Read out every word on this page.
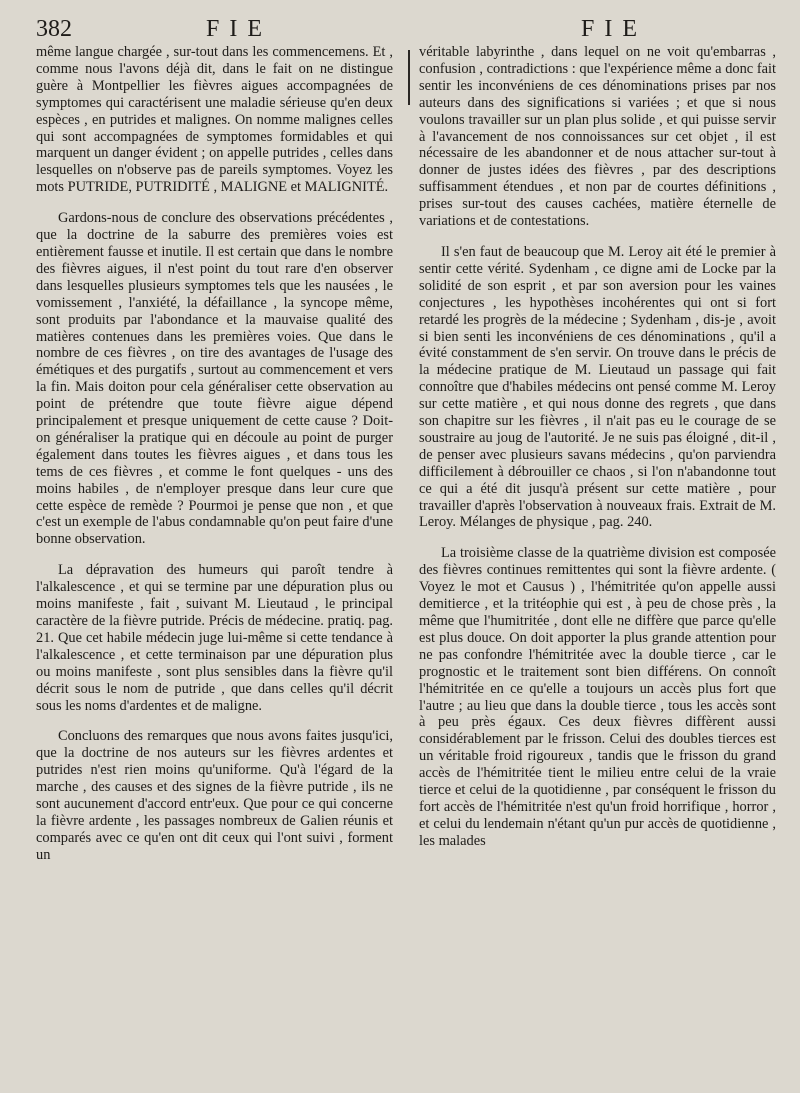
382	FIE	FIE

même langue chargée , sur-tout dans les commencemens. Et , comme nous l'avons déjà dit, dans le fait on ne distingue guère à Montpellier les fièvres aigues accompagnées de symptomes qui caractérisent une maladie sérieuse qu'en deux espèces , en putrides et malignes. On nomme malignes celles qui sont accompagnées de symptomes formidables et qui marquent un danger évident ; on appelle putrides , celles dans lesquelles on n'observe pas de pareils symptomes. Voyez les mots PUTRIDE, PUTRIDITÉ , MALIGNE et MALIGNITÉ.

Gardons-nous de conclure des observations précédentes , que la doctrine de la saburre des premières voies est entièrement fausse et inutile. Il est certain que dans le nombre des fièvres aigues, il n'est point du tout rare d'en observer dans lesquelles plusieurs symptomes tels que les nausées , le vomissement , l'anxiété, la défaillance , la syncope même, sont produits par l'abondance et la mauvaise qualité des matières contenues dans les premières voies. Que dans le nombre de ces fièvres , on tire des avantages de l'usage des émétiques et des purgatifs , surtout au commencement et vers la fin. Mais doiton pour cela généraliser cette observation au point de prétendre que toute fièvre aigue dépend principalement et presque uniquement de cette cause ? Doit-on généraliser la pratique qui en découle au point de purger également dans toutes les fièvres aigues , et dans tous les tems de ces fièvres , et comme le font quelques - uns des moins habiles , de n'employer presque dans leur cure que cette espèce de remède ? Pourmoi je pense que non , et que c'est un exemple de l'abus condamnable qu'on peut faire d'une bonne observation.

La dépravation des humeurs qui paroît tendre à l'alkalescence , et qui se termine par une dépuration plus ou moins manifeste , fait , suivant M. Lieutaud , le principal caractère de la fièvre putride. Précis de médecine. pratiq. pag. 21. Que cet habile médecin juge lui-même si cette tendance à l'alkalescence , et cette terminaison par une dépuration plus ou moins manifeste , sont plus sensibles dans la fièvre qu'il décrit sous le nom de putride , que dans celles qu'il décrit sous les noms d'ardentes et de maligne.

Concluons des remarques que nous avons faites jusqu'ici, que la doctrine de nos auteurs sur les fièvres ardentes et putrides n'est rien moins qu'uniforme. Qu'à l'égard de la marche , des causes et des signes de la fièvre putride , ils ne sont aucunement d'accord entr'eux. Que pour ce qui concerne la fièvre ardente , les passages nombreux de Galien réunis et comparés avec ce qu'en ont dit ceux qui l'ont suivi , forment un

véritable labyrinthe , dans lequel on ne voit qu'embarras , confusion , contradictions : que l'expérience même a donc fait sentir les inconvéniens de ces dénominations prises par nos auteurs dans des significations si variées ; et que si nous voulons travailler sur un plan plus solide , et qui puisse servir à l'avancement de nos connoissances sur cet objet , il est nécessaire de les abandonner et de nous attacher sur-tout à donner de justes idées des fièvres , par des descriptions suffisamment étendues , et non par de courtes définitions , prises sur-tout des causes cachées, matière éternelle de variations et de contestations.

Il s'en faut de beaucoup que M. Leroy ait été le premier à sentir cette vérité. Sydenham , ce digne ami de Locke par la solidité de son esprit , et par son aversion pour les vaines conjectures , les hypothèses incohérentes qui ont si fort retardé les progrès de la médecine ; Sydenham , dis-je , avoit si bien senti les inconvéniens de ces dénominations , qu'il a évité constamment de s'en servir. On trouve dans le précis de la médecine pratique de M. Lieutaud un passage qui fait connoître que d'habiles médecins ont pensé comme M. Leroy sur cette matière , et qui nous donne des regrets , que dans son chapitre sur les fièvres , il n'ait pas eu le courage de se soustraire au joug de l'autorité. Je ne suis pas éloigné , dit-il , de penser avec plusieurs savans médecins , qu'on parviendra difficilement à débrouiller ce chaos , si l'on n'abandonne tout ce qui a été dit jusqu'à présent sur cette matière , pour travailler d'après l'observation à nouveaux frais. Extrait de M. Leroy. Mélanges de physique , pag. 240.

La troisième classe de la quatrième division est composée des fièvres continues remittentes qui sont la fièvre ardente. ( Voyez le mot et Causus ) , l'hémitritée qu'on appelle aussi demitierce , et la tritéophie qui est , à peu de chose près , la même que l'humitritée , dont elle ne diffère que parce qu'elle est plus douce. On doit apporter la plus grande attention pour ne pas confondre l'hémitritée avec la double tierce , car le prognostic et le traitement sont bien différens. On connoît l'hémitritée en ce qu'elle a toujours un accès plus fort que l'autre ; au lieu que dans la double tierce , tous les accès sont à peu près égaux. Ces deux fièvres diffèrent aussi considérablement par le frisson. Celui des doubles tierces est un véritable froid rigoureux , tandis que le frisson du grand accès de l'hémitritée tient le milieu entre celui de la vraie tierce et celui de la quotidienne , par conséquent le frisson du fort accès de l'hémitritée n'est qu'un froid horrifique , horror , et celui du lendemain n'étant qu'un pur accès de quotidienne , les malades
